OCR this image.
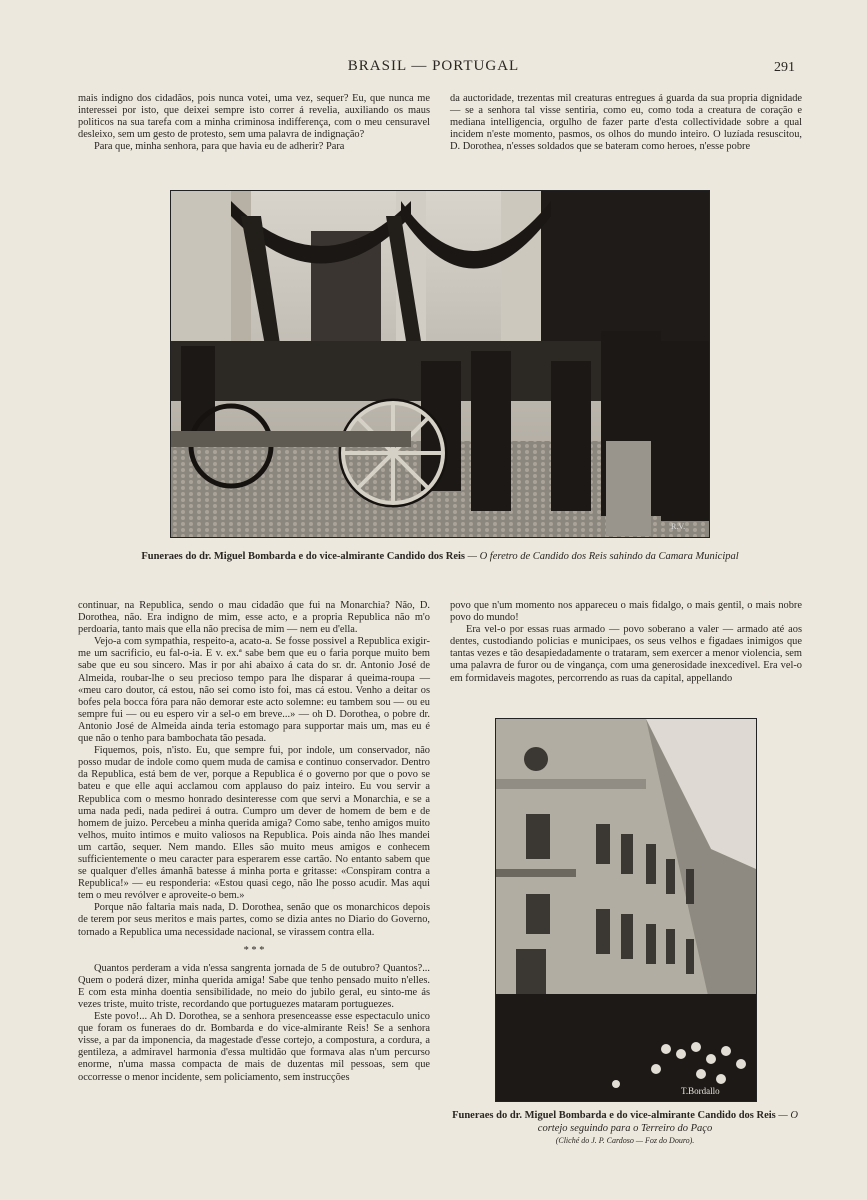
BRASIL — PORTUGAL	291

mais indigno dos cidadãos, pois nunca votei, uma vez, sequer? Eu, que nunca me interessei por isto, que deixei sempre isto correr á revelia, auxiliando os maus politicos na sua tarefa com a minha criminosa indifferença, com o meu censuravel desleixo, sem um gesto de protesto, sem uma palavra de indignação?

Para que, minha senhora, para que havia eu de adherir? Para

da auctoridade, trezentas mil creaturas entregues á guarda da sua propria dignidade — se a senhora tal visse sentiria, como eu, como toda a creatura de coração e mediana intelligencia, orgulho de fazer parte d'esta collectividade sobre a qual incidem n'este momento, pasmos, os olhos do mundo inteiro. O luzíada resuscitou, D. Dorothea, n'esses soldados que se bateram como heroes, n'esse pobre

R.V.
Funeraes do dr. Miguel Bombarda e do vice-almirante Candido dos Reis — O feretro de Candido dos Reis sahindo da Camara Municipal

continuar, na Republica, sendo o mau cidadão que fui na Monarchia? Não, D. Dorothea, não. Era indigno de mim, esse acto, e a propria Republica não m'o perdoaria, tanto mais que ella não precisa de mim — nem eu d'ella.

Vejo-a com sympathia, respeito-a, acato-a. Se fosse possivel a Republica exigir-me um sacrificio, eu fal-o-ia. E v. ex.ª sabe bem que eu o faria porque muito bem sabe que eu sou sincero. Mas ir por ahi abaixo á cata do sr. dr. Antonio José de Almeida, roubar-lhe o seu precioso tempo para lhe disparar á queima-roupa — «meu caro doutor, cá estou, não sei como isto foi, mas cá estou. Venho a deitar os bofes pela bocca fóra para não demorar este acto solemne: eu tambem sou — ou eu sempre fui — ou eu espero vir a sel-o em breve...» — oh D. Dorothea, o pobre dr. Antonio José de Almeida ainda teria estomago para supportar mais um, mas eu é que não o tenho para bambochata tão pesada.

Fiquemos, pois, n'isto. Eu, que sempre fui, por indole, um conservador, não posso mudar de indole como quem muda de camisa e continuo conservador. Dentro da Republica, está bem de ver, porque a Republica é o governo por que o povo se bateu e que elle aqui acclamou com applauso do paiz inteiro. Eu vou servir a Republica com o mesmo honrado desinteresse com que servi a Monarchia, e se a uma nada pedi, nada pedirei á outra. Cumpro um dever de homem de bem e de homem de juizo. Percebeu a minha querida amiga? Como sabe, tenho amigos muito velhos, muito intimos e muito valiosos na Republica. Pois ainda não lhes mandei um cartão, sequer. Nem mando. Elles são muito meus amigos e conhecem sufficientemente o meu caracter para esperarem esse cartão. No entanto sabem que se qualquer d'elles ámanhã batesse á minha porta e gritasse: «Conspiram contra a Republica!» — eu responderia: «Estou quasi cego, não lhe posso acudir. Mas aqui tem o meu revólver e aproveite-o bem.»

Porque não faltaria mais nada, D. Dorothea, senão que os monarchicos depois de terem por seus meritos e mais partes, como se dizia antes no Diario do Governo, tornado a Republica uma necessidade nacional, se virassem contra ella.

* * *

Quantos perderam a vida n'essa sangrenta jornada de 5 de outubro? Quantos?... Quem o poderá dizer, minha querida amiga! Sabe que tenho pensado muito n'elles. E com esta minha doentia sensibilidade, no meio do jubilo geral, eu sinto-me ás vezes triste, muito triste, recordando que portuguezes mataram portuguezes.

Este povo!... Ah D. Dorothea, se a senhora presenceasse esse espectaculo unico que foram os funeraes do dr. Bombarda e do vice-almirante Reis! Se a senhora visse, a par da imponencia, da magestade d'esse cortejo, a compostura, a cordura, a gentileza, a admiravel harmonia d'essa multidão que formava alas n'um percurso enorme, n'uma massa compacta de mais de duzentas mil pessoas, sem que occorresse o menor incidente, sem policiamento, sem instrucções

povo que n'um momento nos appareceu o mais fidalgo, o mais gentil, o mais nobre povo do mundo!

Era vel-o por essas ruas armado — povo soberano a valer — armado até aos dentes, custodiando policias e municipaes, os seus velhos e figadaes inimigos que tantas vezes e tão desapiedadamente o trataram, sem exercer a menor violencia, sem uma palavra de furor ou de vingança, com uma generosidade inexcedivel. Era vel-o em formidaveis magotes, percorrendo as ruas da capital, appellando

T.Bordallo
Funeraes do dr. Miguel Bombarda e do vice-almirante Candido dos Reis — O cortejo seguindo para o Terreiro do Paço
(Cliché do J. P. Cardoso — Foz do Douro).
